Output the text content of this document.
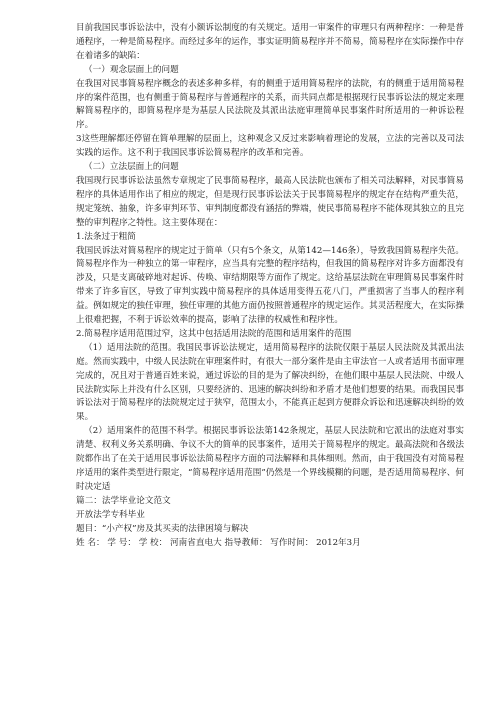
目前我国民事诉讼法中，没有小额诉讼制度的有关规定。适用一审案件的审理只有两种程序：一种是普通程序，一种是简易程序。而经过多年的运作，事实证明简易程序并不简易，简易程序在实际操作中存在着诸多的缺陷：

（一）观念层面上的问题

在我国对民事简易程序概念的表述多种多样，有的侧重于适用简易程序的法院，有的侧重于适用简易程序的案件范围，也有侧重于简易程序与普通程序的关系，而共同点都是根据现行民事诉讼法的规定来理解简易程序的，即简易程序是为基层人民法院及其派出法庭审理简单民事案件时所适用的一种诉讼程序。

3这些理解都还停留在简单理解的层面上，这种观念又反过来影响着理论的发展，立法的完善以及司法实践的运作。这不利于我国民事诉讼简易程序的改革和完善。

（二）立法层面上的问题

我国现行民事诉讼法虽然专章规定了民事简易程序，最高人民法院也颁布了相关司法解释，对民事简易程序的具体适用作出了相应的规定，但是现行民事诉讼法关于民事简易程序的规定存在结构严重失范，规定笼统、抽象，许多审判环节、审判制度都没有涵括的弊端，使民事简易程序不能体现其独立的且完整的审判程序之特性。这主要体现在：

1.法条过于粗简

我国民诉法对简易程序的规定过于简单（只有5个条文，从第142—146条），导致我国简易程序失范。简易程序作为一种独立的第一审程序，应当具有完整的程序结构，但我国的简易程序对许多方面都没有涉及，只是支离破碎地对起诉、传唤、审结期限等方面作了规定。这给基层法院在审理简易民事案件时带来了许多盲区，导致了审判实践中简易程序的具体适用变得五花八门，严重损害了当事人的程序利益。例如规定的独任审理，独任审理的其他方面仍按照普通程序的规定运作。其灵活程度大，在实际操上很难把握，不利于诉讼效率的提高，影响了法律的权威性和程序性。

2.简易程序适用范围过窄，这其中包括适用法院的范围和适用案件的范围

（1）适用法院的范围。我国民事诉讼法规定，适用简易程序的法院仅限于基层人民法院及其派出法庭。然而实践中，中级人民法院在审理案件时，有很大一部分案件是由主审法官一人或者适用书面审理完成的，况且对于普通百姓来说，通过诉讼的目的是为了解决纠纷，在他们眼中基层人民法院、中级人民法院实际上并没有什么区别，只要经济的、迅速的解决纠纷和矛盾才是他们想要的结果。而我国民事诉讼法对于简易程序的法院规定过于狭窄，范围太小，不能真正起到方便群众诉讼和迅速解决纠纷的效果。

（2）适用案件的范围不科学。根据民事诉讼法第142条规定，基层人民法院和它派出的法庭对事实清楚、权利义务关系明确、争议不大的简单的民事案件，适用关于简易程序的规定。最高法院和各级法院都作出了在关于适用民事诉讼法简易程序方面的司法解释和具体细则。然而，由于我国没有对简易程序适用的案件类型进行限定，“简易程序适用范围”仍然是一个界线模糊的问题，是否适用简易程序、何时决定适

篇二：法学毕业论文范文

开放法学专科毕业

题目：“小产权”房及其买卖的法律困境与解决

姓 名： 学 号： 学 校： 河南省直电大 指导教师： 写作时间： 2012年3月
